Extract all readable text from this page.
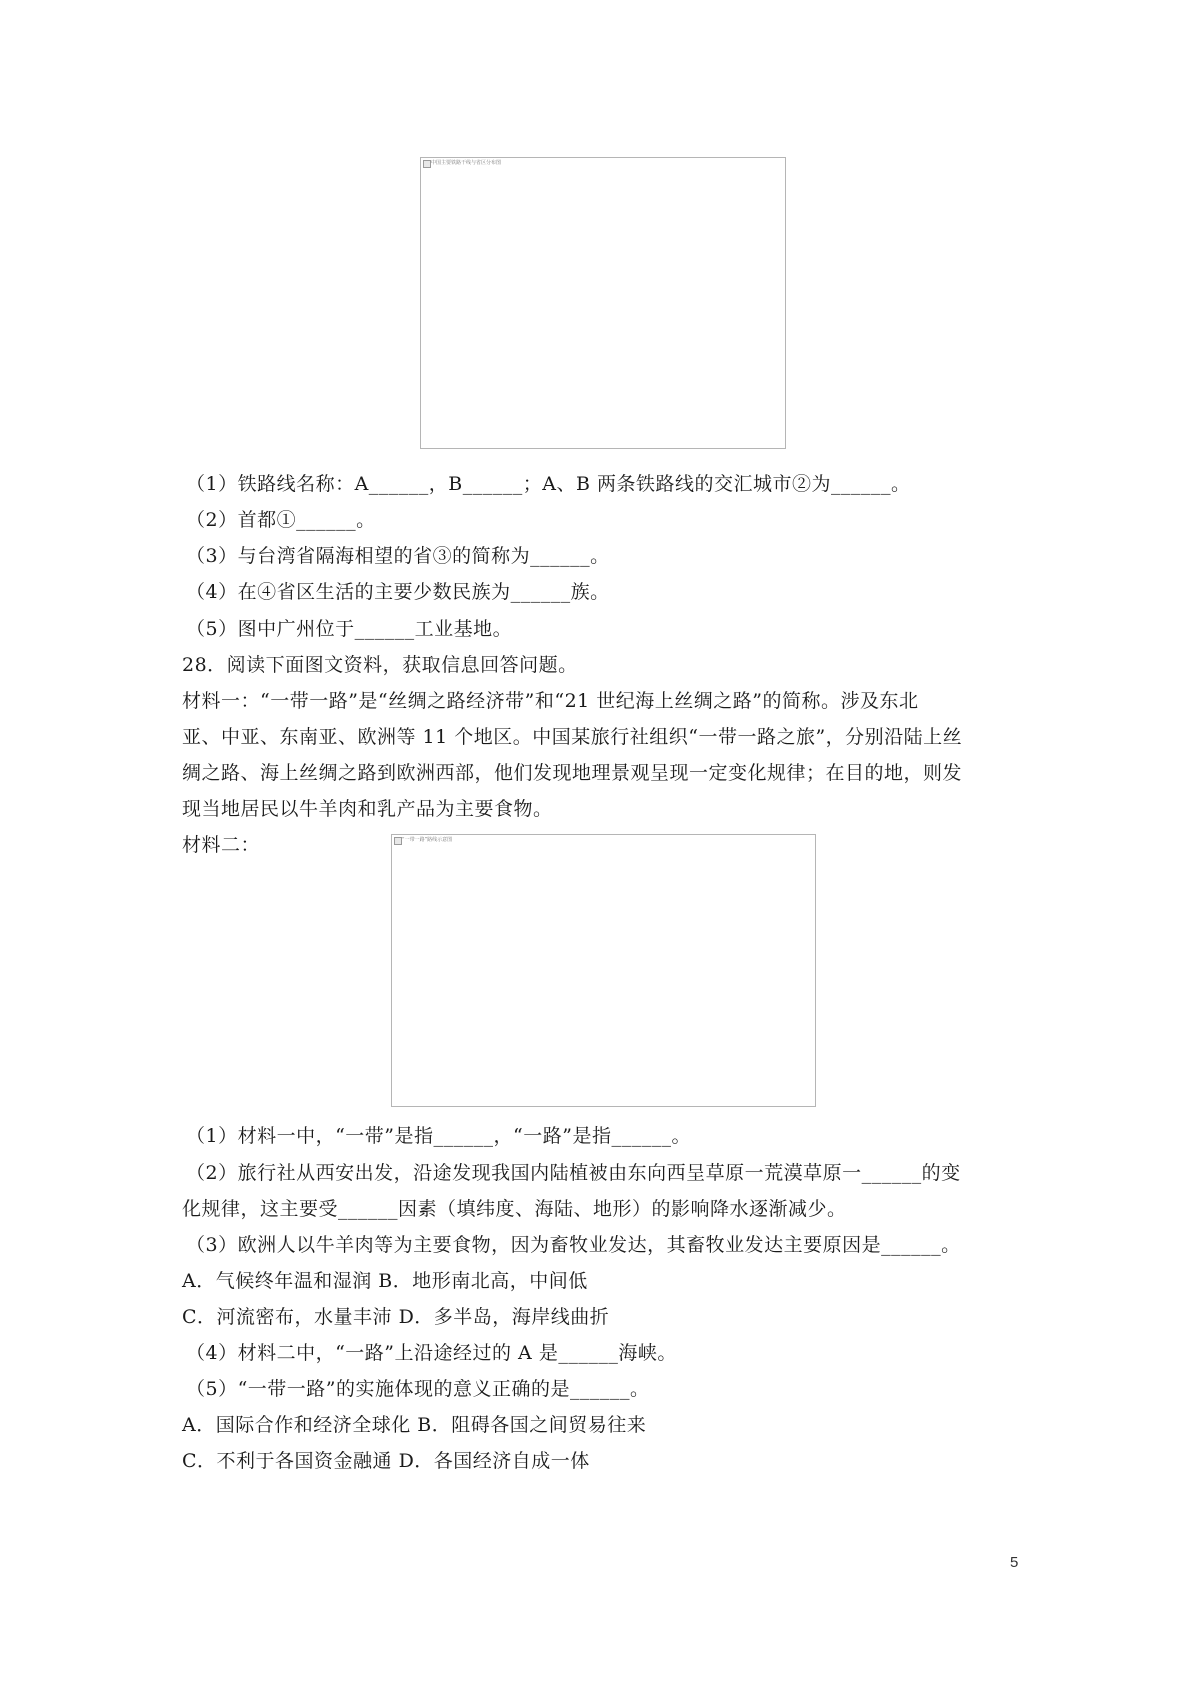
中国主要铁路干线与省区分布图
（1）铁路线名称：A______，B______；A、B 两条铁路线的交汇城市②为______。
（2）首都①______。
（3）与台湾省隔海相望的省③的简称为______。
（4）在④省区生活的主要少数民族为______族。
（5）图中广州位于______工业基地。
28．阅读下面图文资料，获取信息回答问题。
材料一：“一带一路”是“丝绸之路经济带”和“21 世纪海上丝绸之路”的简称。涉及东北
亚、中亚、东南亚、欧洲等 11 个地区。中国某旅行社组织“一带一路之旅”，分别沿陆上丝
绸之路、海上丝绸之路到欧洲西部，他们发现地理景观呈现一定变化规律；在目的地，则发
现当地居民以牛羊肉和乳产品为主要食物。
材料二：	“一带一路”路线示意图
（1）材料一中，“一带”是指______，“一路”是指______。
（2）旅行社从西安出发，沿途发现我国内陆植被由东向西呈草原一荒漠草原一______的变
化规律，这主要受______因素（填纬度、海陆、地形）的影响降水逐渐减少。
（3）欧洲人以牛羊肉等为主要食物，因为畜牧业发达，其畜牧业发达主要原因是______。
A．气候终年温和湿润 B．地形南北高，中间低
C．河流密布，水量丰沛 D．多半岛，海岸线曲折
（4）材料二中，“一路”上沿途经过的 A 是______海峡。
（5）“一带一路”的实施体现的意义正确的是______。
A．国际合作和经济全球化 B．阻碍各国之间贸易往来
C．不利于各国资金融通 D．各国经济自成一体
5
